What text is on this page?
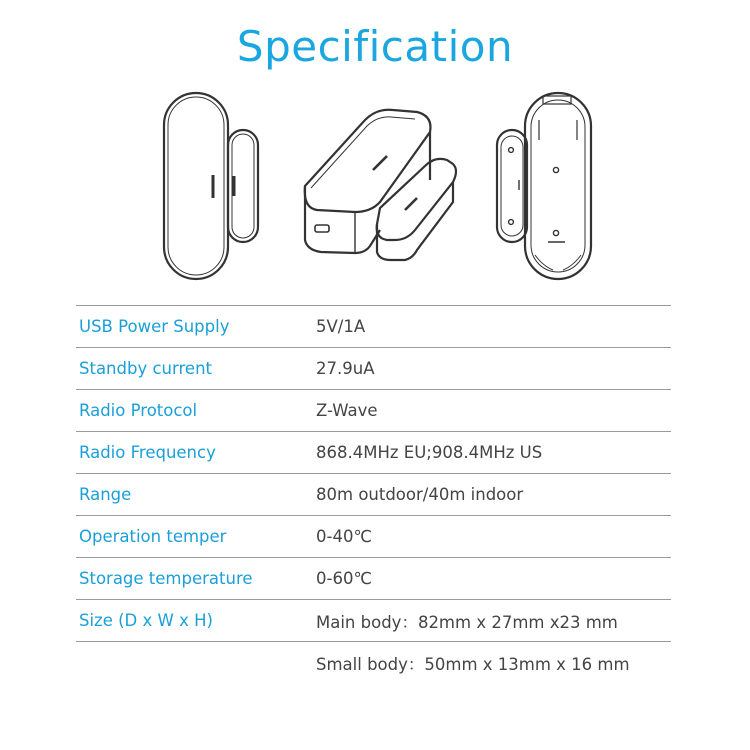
Specification
USB Power Supply	5V/1A
Standby current	27.9uA
Radio Protocol	Z-Wave
Radio Frequency	868.4MHz EU;908.4MHz US
Range	80m outdoor/40m indoor
Operation temper	0-40℃
Storage temperature	0-60℃
Size (D x W x H)	Main body：82mm x 27mm x23 mm
	Small body：50mm x 13mm x 16 mm
